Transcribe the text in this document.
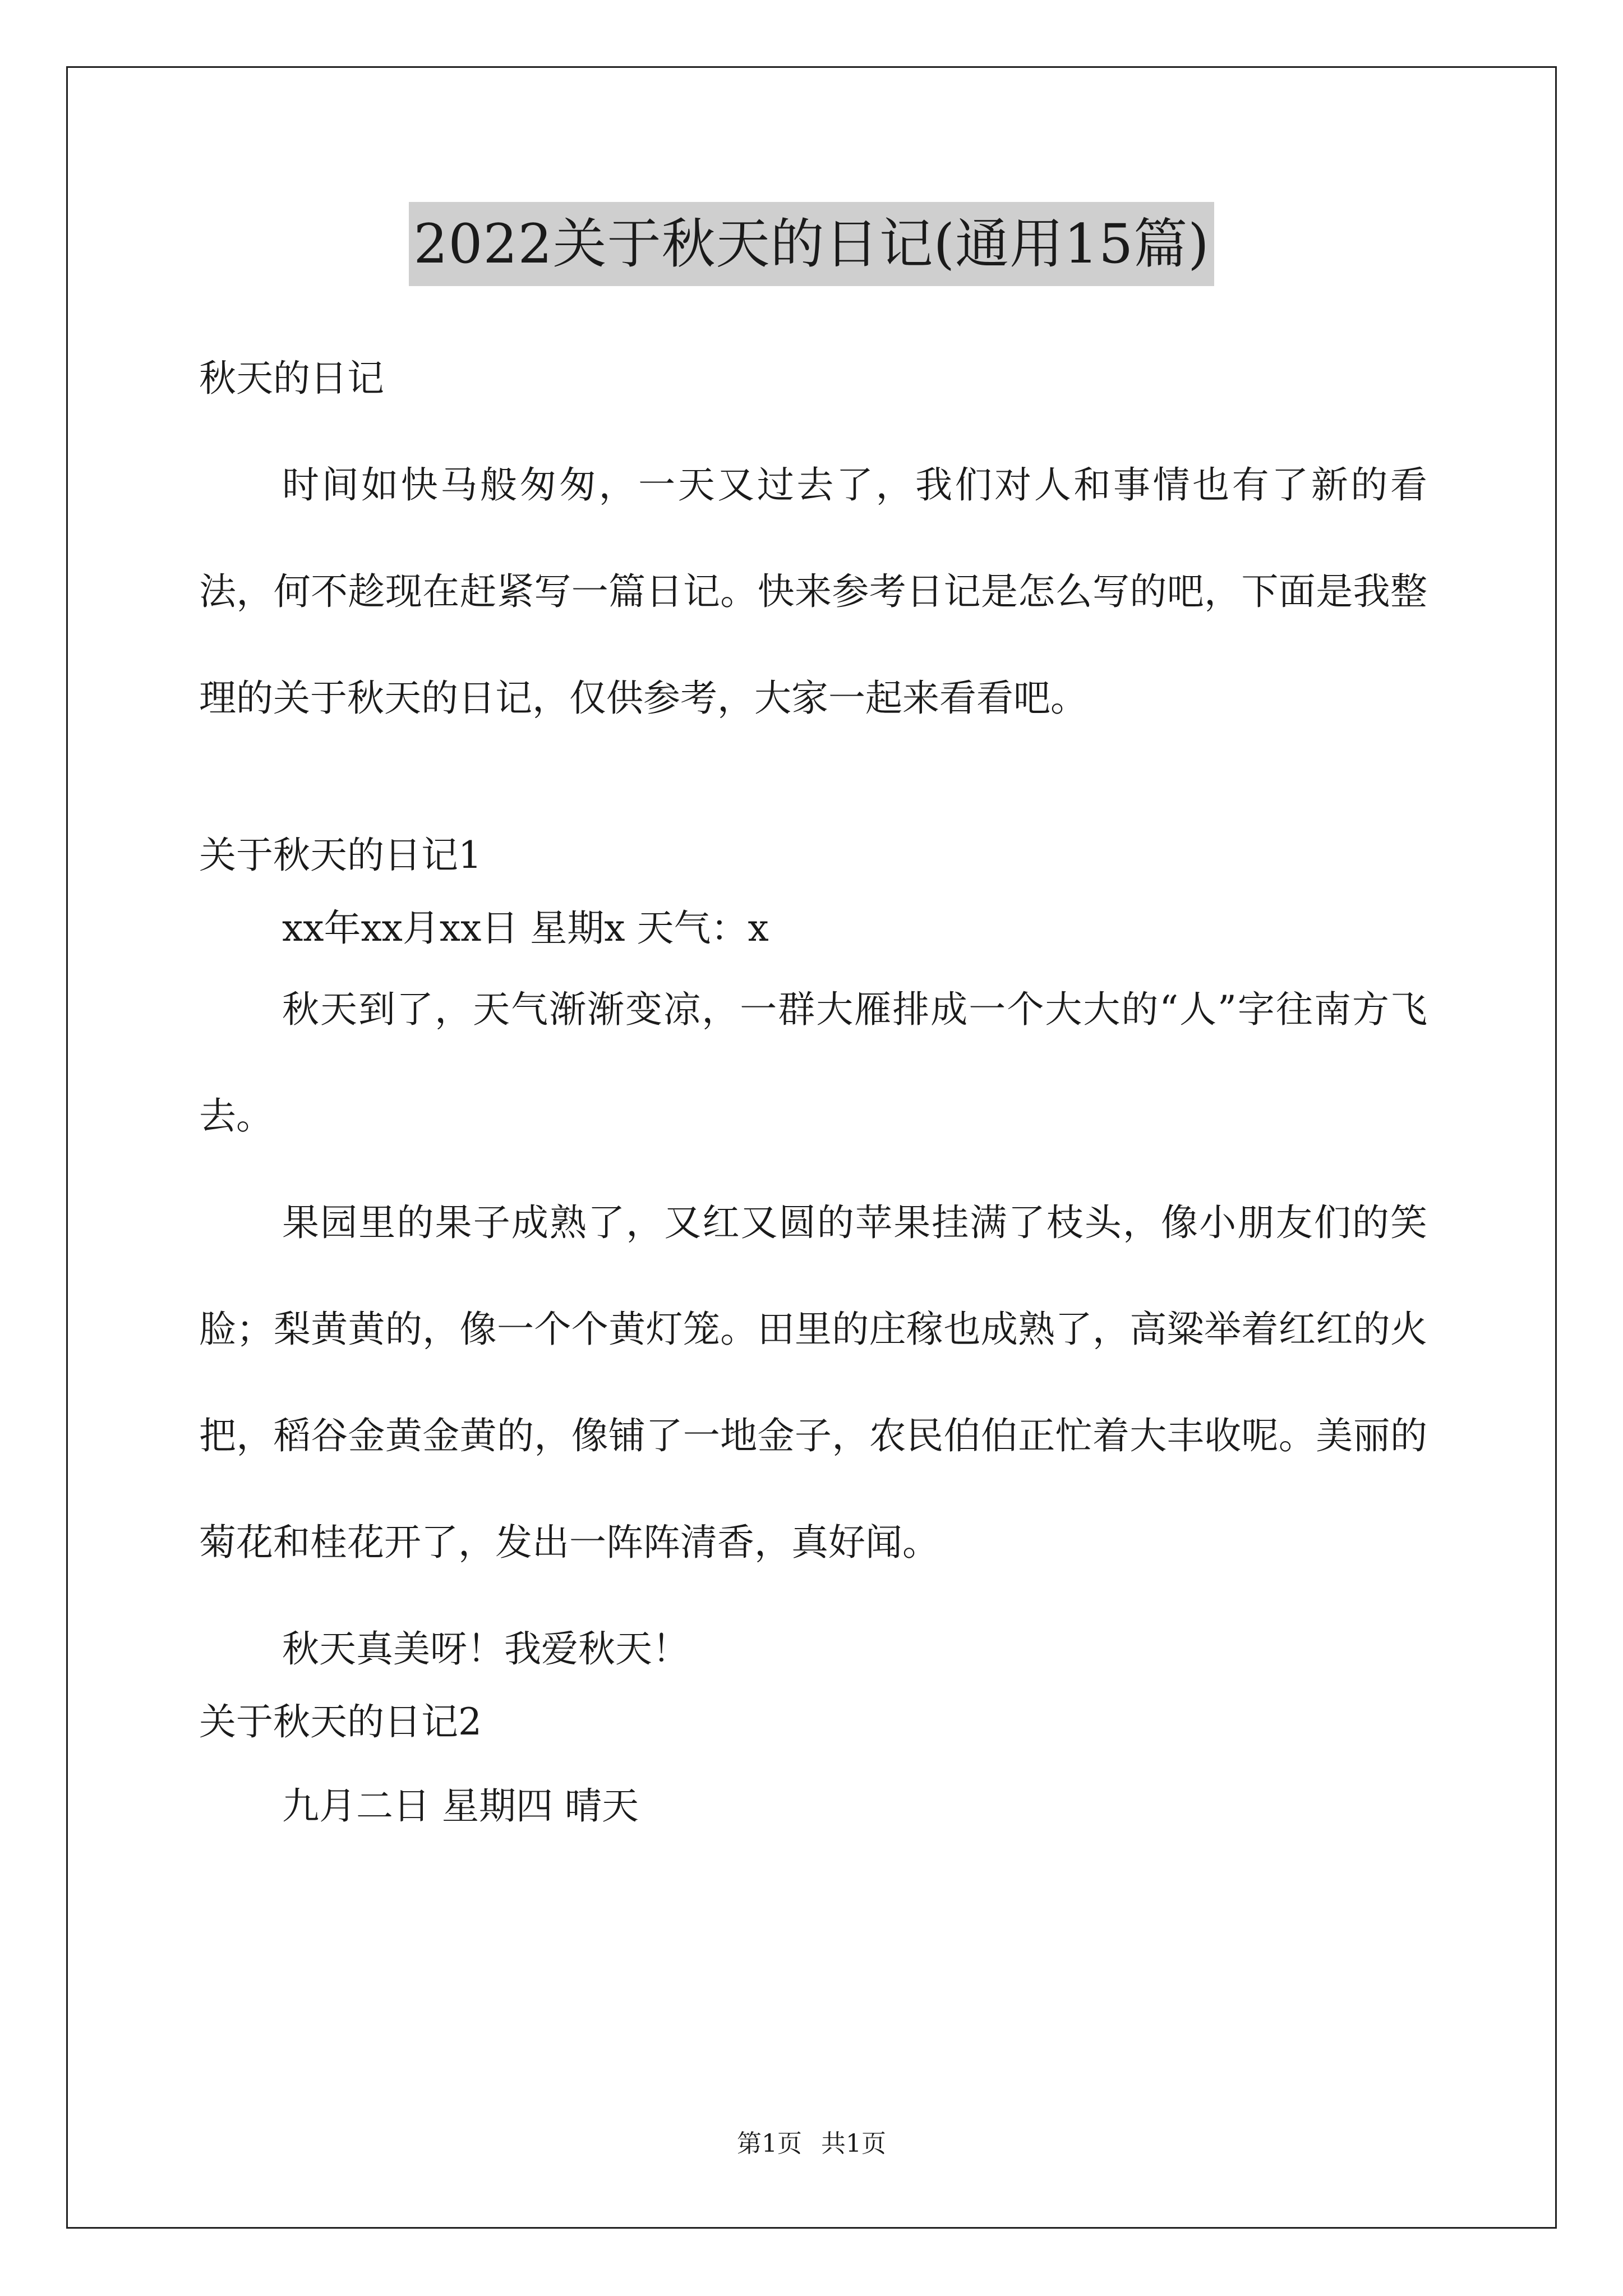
2022关于秋天的日记(通用15篇)

秋天的日记

时间如快马般匆匆，一天又过去了，我们对人和事情也有了新的看法，何不趁现在赶紧写一篇日记。快来参考日记是怎么写的吧，下面是我整理的关于秋天的日记，仅供参考，大家一起来看看吧。

关于秋天的日记1

xx年xx月xx日 星期x 天气：x

秋天到了，天气渐渐变凉，一群大雁排成一个大大的“人”字往南方飞去。

果园里的果子成熟了，又红又圆的苹果挂满了枝头，像小朋友们的笑脸；梨黄黄的，像一个个黄灯笼。田里的庄稼也成熟了，高粱举着红红的火把，稻谷金黄金黄的，像铺了一地金子，农民伯伯正忙着大丰收呢。美丽的菊花和桂花开了，发出一阵阵清香，真好闻。

秋天真美呀！我爱秋天！

关于秋天的日记2

九月二日 星期四 晴天

第1页 共1页
